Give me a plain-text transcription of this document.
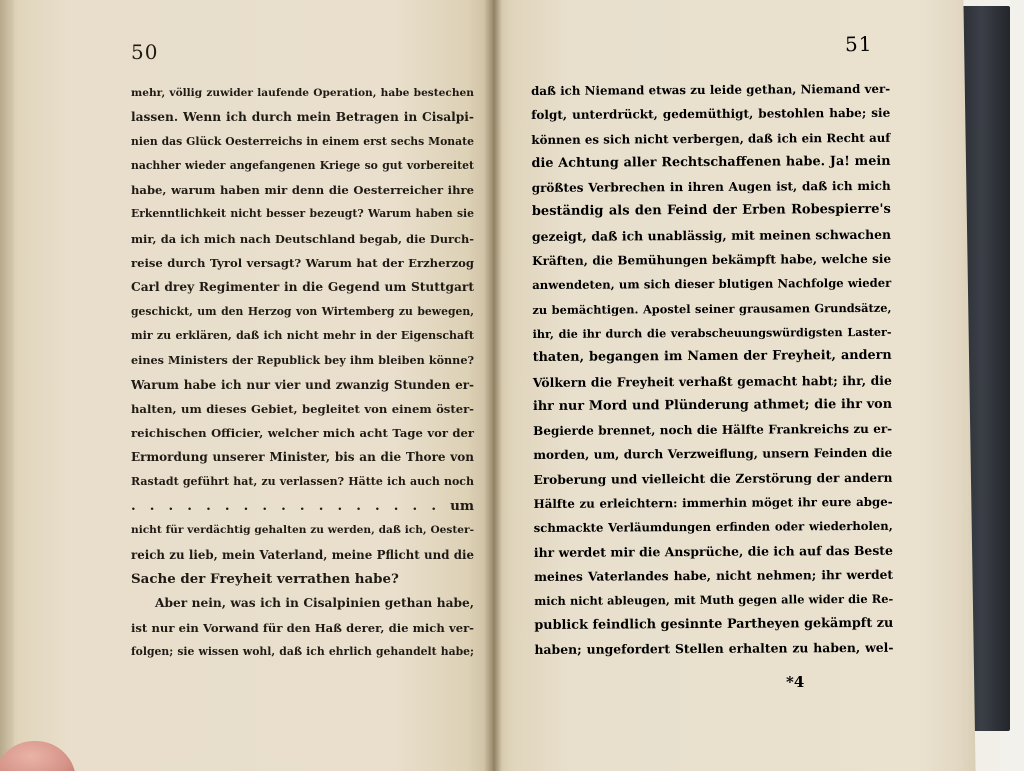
50
mehr, völlig zuwider laufende Operation, habe bestechen
lassen. Wenn ich durch mein Betragen in Cisalpi-
nien das Glück Oesterreichs in einem erst sechs Monate
nachher wieder angefangenen Kriege so gut vorbereitet
habe, warum haben mir denn die Oesterreicher ihre
Erkenntlichkeit nicht besser bezeugt? Warum haben sie
mir, da ich mich nach Deutschland begab, die Durch-
reise durch Tyrol versagt? Warum hat der Erzherzog
Carl drey Regimenter in die Gegend um Stuttgart
geschickt, um den Herzog von Wirtemberg zu bewegen,
mir zu erklären, daß ich nicht mehr in der Eigenschaft
eines Ministers der Republick bey ihm bleiben könne?
Warum habe ich nur vier und zwanzig Stunden er-
halten, um dieses Gebiet, begleitet von einem öster-
reichischen Officier, welcher mich acht Tage vor der
Ermordung unserer Minister, bis an die Thore von
Rastadt geführt hat, zu verlassen? Hätte ich auch noch
. . . . . . . . . . . . . . . . . um
nicht für verdächtig gehalten zu werden, daß ich, Oester-
reich zu lieb, mein Vaterland, meine Pflicht und die
Sache der Freyheit verrathen habe?
Aber nein, was ich in Cisalpinien gethan habe,
ist nur ein Vorwand für den Haß derer, die mich ver-
folgen; sie wissen wohl, daß ich ehrlich gehandelt habe;
51
daß ich Niemand etwas zu leide gethan, Niemand ver-
folgt, unterdrückt, gedemüthigt, bestohlen habe; sie
können es sich nicht verbergen, daß ich ein Recht auf
die Achtung aller Rechtschaffenen habe. Ja! mein
größtes Verbrechen in ihren Augen ist, daß ich mich
beständig als den Feind der Erben Robespierre's
gezeigt, daß ich unablässig, mit meinen schwachen
Kräften, die Bemühungen bekämpft habe, welche sie
anwendeten, um sich dieser blutigen Nachfolge wieder
zu bemächtigen. Apostel seiner grausamen Grundsätze,
ihr, die ihr durch die verabscheuungswürdigsten Laster-
thaten, begangen im Namen der Freyheit, andern
Völkern die Freyheit verhaßt gemacht habt; ihr, die
ihr nur Mord und Plünderung athmet; die ihr von
Begierde brennet, noch die Hälfte Frankreichs zu er-
morden, um, durch Verzweiflung, unsern Feinden die
Eroberung und vielleicht die Zerstörung der andern
Hälfte zu erleichtern: immerhin möget ihr eure abge-
schmackte Verläumdungen erfinden oder wiederholen,
ihr werdet mir die Ansprüche, die ich auf das Beste
meines Vaterlandes habe, nicht nehmen; ihr werdet
mich nicht ableugen, mit Muth gegen alle wider die Re-
publick feindlich gesinnte Partheyen gekämpft zu
haben; ungefordert Stellen erhalten zu haben, wel-
*4
